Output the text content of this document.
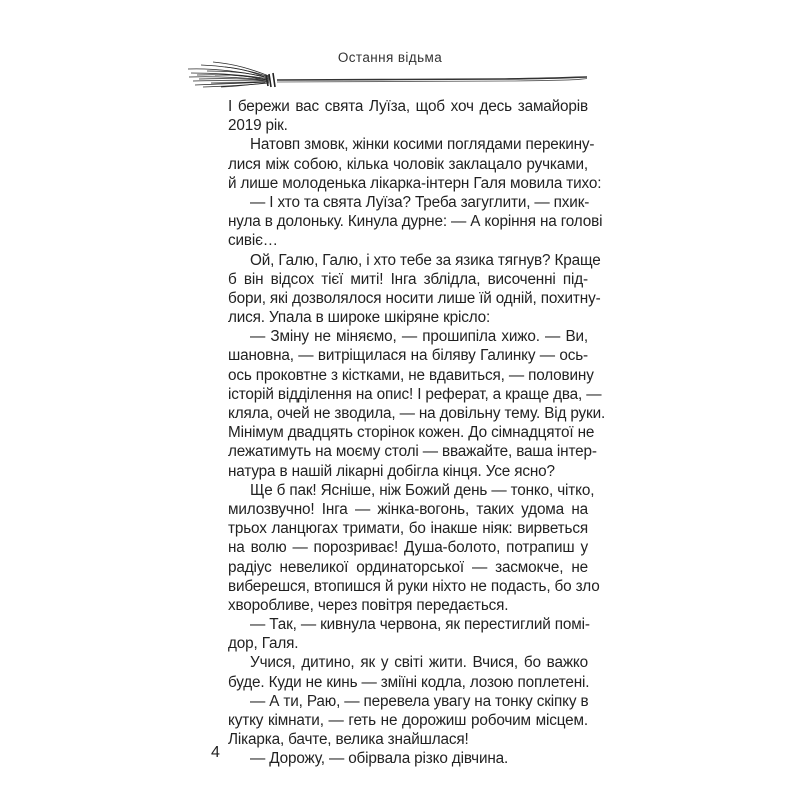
Остання відьма
І бережи вас свята Луїза, щоб хоч десь замайорів
2019 рік.
Натовп змовк, жінки косими поглядами перекину-
лися між собою, кілька чоловік заклацало ручками,
й лише молоденька лікарка-інтерн Галя мовила тихо:
— І хто та свята Луїза? Треба загуглити, — пхик-
нула в долоньку. Кинула дурне: — А коріння на голові
сивіє…
Ой, Галю, Галю, і хто тебе за язика тягнув? Краще
б він відсох тієї миті! Інга зблідла, височенні під-
бори, які дозволялося носити лише їй одній, похитну-
лися. Упала в широке шкіряне крісло:
— Зміну не міняємо, — прошипіла хижо. — Ви,
шановна, — витріщилася на біляву Галинку — ось-
ось проковтне з кістками, не вдавиться, — половину
історій відділення на опис! І реферат, а краще два, —
кляла, очей не зводила, — на довільну тему. Від руки.
Мінімум двадцять сторінок кожен. До сімнадцятої не
лежатимуть на моєму столі — вважайте, ваша інтер-
натура в нашій лікарні добігла кінця. Усе ясно?
Ще б пак! Ясніше, ніж Божий день — тонко, чітко,
милозвучно! Інга — жінка-вогонь, таких удома на
трьох ланцюгах тримати, бо інакше ніяк: вирветься
на волю — порозриває! Душа-болото, потрапиш у
радіус невеликої ординаторської — засмокче, не
виберешся, втопишся й руки ніхто не подасть, бо зло
хворобливе, через повітря передається.
— Так, — кивнула червона, як перестиглий помі-
дор, Галя.
Учися, дитино, як у світі жити. Вчися, бо важко
буде. Куди не кинь — зміїні кодла, лозою поплетені.
— А ти, Раю, — перевела увагу на тонку скіпку в
кутку кімнати, — геть не дорожиш робочим місцем.
Лікарка, бачте, велика знайшлася!
— Дорожу, — обірвала різко дівчина.
4
